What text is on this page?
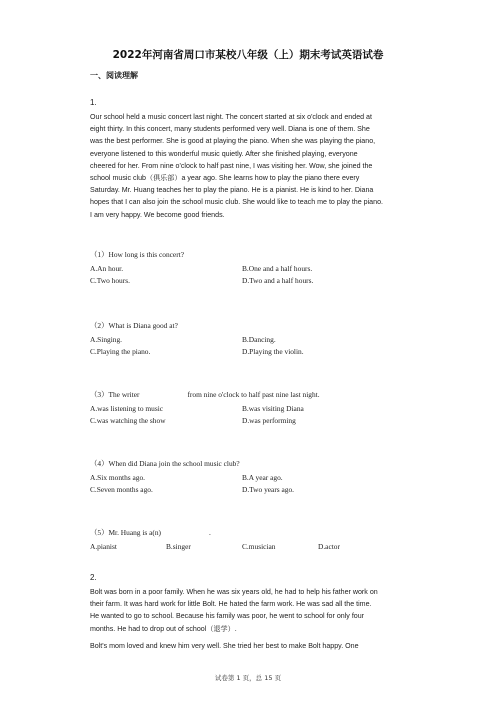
2022年河南省周口市某校八年级（上）期末考试英语试卷
一、阅读理解
1.

Our school held a music concert last night. The concert started at six o'clock and ended at

eight thirty. In this concert, many students performed very well. Diana is one of them. She

was the best performer. She is good at playing the piano. When she was playing the piano,

everyone listened to this wonderful music quietly. After she finished playing, everyone

cheered for her. From nine o'clock to half past nine, I was visiting her. Wow, she joined the

school music club（俱乐部）a year ago. She learns how to play the piano there every

Saturday. Mr. Huang teaches her to play the piano. He is a pianist. He is kind to her. Diana

hopes that I can also join the school music club. She would like to teach me to play the piano.

I am very happy. We become good friends.

（1）How long is this concert?
A.An hour.	B.One and a half hours.
C.Two hours.	D.Two and a half hours.
（2）What is Diana good at?
A.Singing.	B.Dancing.
C.Playing the piano.	D.Playing the violin.
（3）The writer	from nine o'clock to half past nine last night.
A.was listening to music	B.was visiting Diana
C.was watching the show	D.was performing
（4）When did Diana join the school music club?
A.Six months ago.	B.A year ago.
C.Seven months ago.	D.Two years ago.
（5）Mr. Huang is a(n)	.
A.pianist	B.singer	C.musician	D.actor
2.

Bolt was born in a poor family. When he was six years old, he had to help his father work on

their farm. It was hard work for little Bolt. He hated the farm work. He was sad all the time.

He wanted to go to school. Because his family was poor, he went to school for only four

months. He had to drop out of school（退学）.

Bolt's mom loved and knew him very well. She tried her best to make Bolt happy. One

试卷第 1 页，总 15 页
